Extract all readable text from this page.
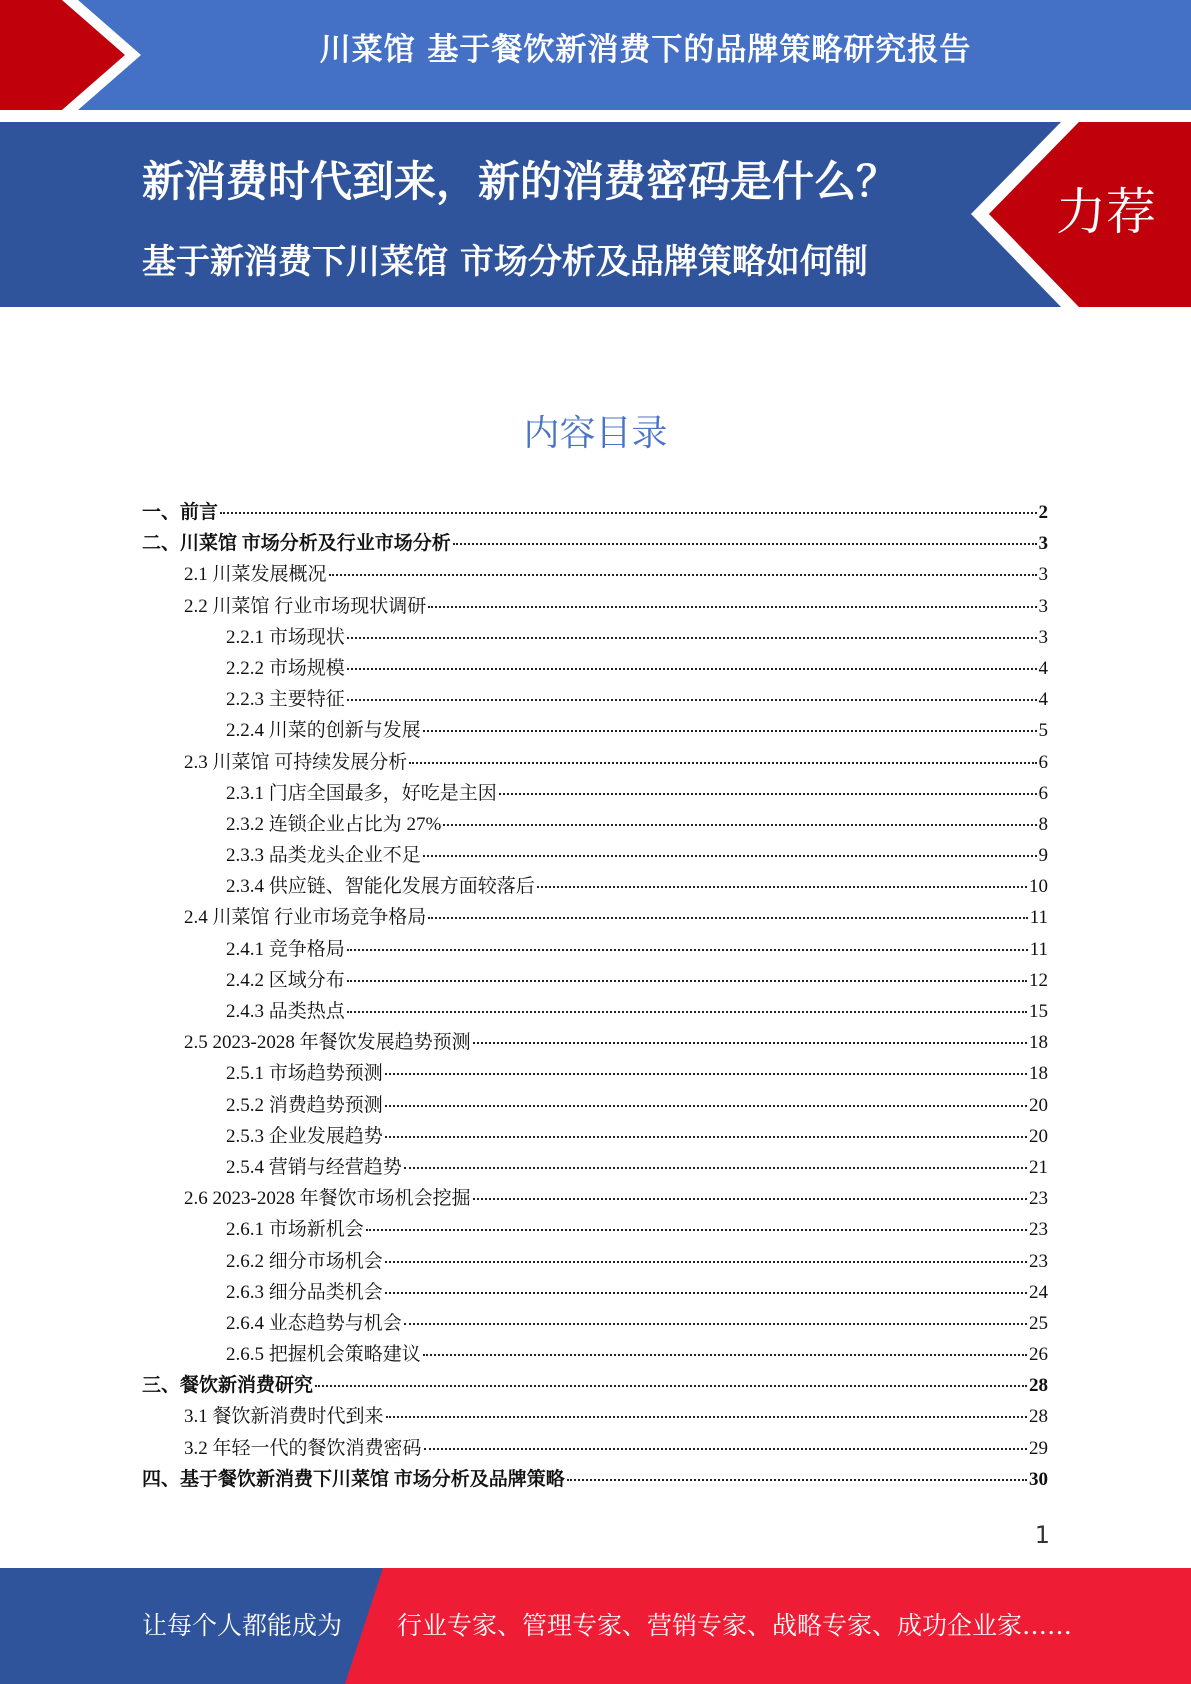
川菜馆 基于餐饮新消费下的品牌策略研究报告
新消费时代到来，新的消费密码是什么？
基于新消费下川菜馆 市场分析及品牌策略如何制定？？？
力荐
内容目录
一、前言	2
二、川菜馆 市场分析及行业市场分析	3
2.1 川菜发展概况	3
2.2 川菜馆 行业市场现状调研	3
2.2.1 市场现状	3
2.2.2 市场规模	4
2.2.3 主要特征	4
2.2.4 川菜的创新与发展	5
2.3 川菜馆 可持续发展分析	6
2.3.1 门店全国最多，好吃是主因	6
2.3.2 连锁企业占比为 27%	8
2.3.3 品类龙头企业不足	9
2.3.4 供应链、智能化发展方面较落后	10
2.4 川菜馆 行业市场竞争格局	11
2.4.1 竞争格局	11
2.4.2 区域分布	12
2.4.3 品类热点	15
2.5 2023-2028 年餐饮发展趋势预测	18
2.5.1 市场趋势预测	18
2.5.2 消费趋势预测	20
2.5.3 企业发展趋势	20
2.5.4 营销与经营趋势	21
2.6 2023-2028 年餐饮市场机会挖掘	23
2.6.1 市场新机会	23
2.6.2 细分市场机会	23
2.6.3 细分品类机会	24
2.6.4 业态趋势与机会	25
2.6.5 把握机会策略建议	26
三、餐饮新消费研究	28
3.1 餐饮新消费时代到来	28
3.2 年轻一代的餐饮消费密码	29
四、基于餐饮新消费下川菜馆 市场分析及品牌策略	30
1
让每个人都能成为 行业专家、管理专家、营销专家、战略专家、成功企业家……
